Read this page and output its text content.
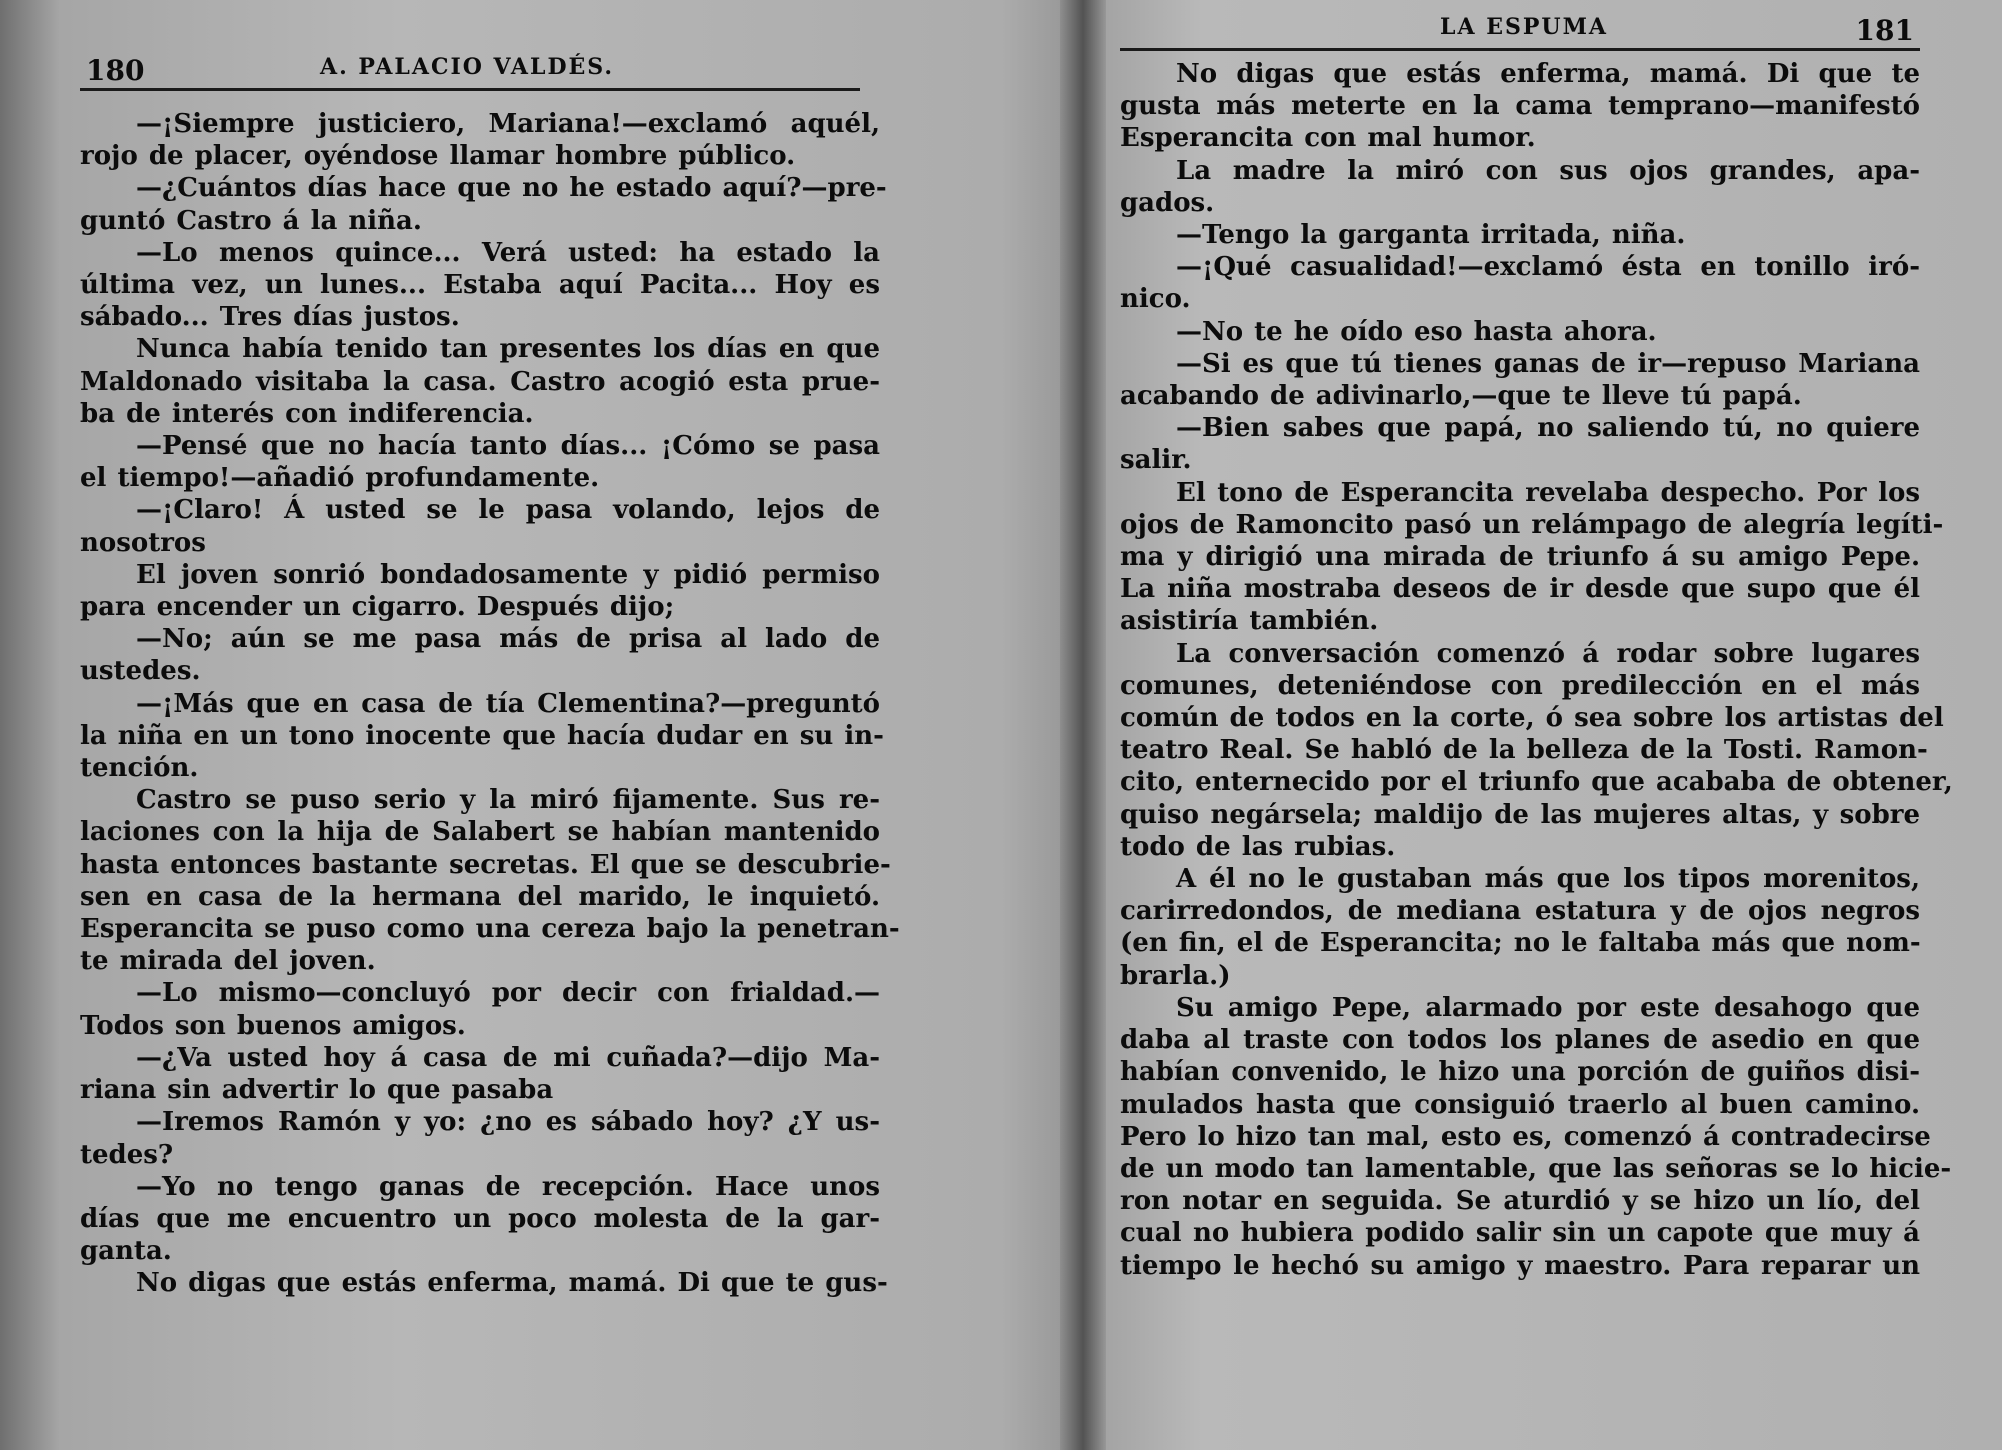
180	A. PALACIO VALDÉS.
—¡Siempre justiciero, Mariana!—exclamó aquél,
rojo de placer, oyéndose llamar hombre público.
—¿Cuántos días hace que no he estado aquí?—pre-
guntó Castro á la niña.
—Lo menos quince... Verá usted: ha estado la
última vez, un lunes... Estaba aquí Pacita... Hoy es
sábado... Tres días justos.
Nunca había tenido tan presentes los días en que
Maldonado visitaba la casa. Castro acogió esta prue-
ba de interés con indiferencia.
—Pensé que no hacía tanto días... ¡Cómo se pasa
el tiempo!—añadió profundamente.
—¡Claro! Á usted se le pasa volando, lejos de
nosotros
El joven sonrió bondadosamente y pidió permiso
para encender un cigarro. Después dijo;
—No; aún se me pasa más de prisa al lado de
ustedes.
—¡Más que en casa de tía Clementina?—preguntó
la niña en un tono inocente que hacía dudar en su in-
tención.
Castro se puso serio y la miró fijamente. Sus re-
laciones con la hija de Salabert se habían mantenido
hasta entonces bastante secretas. El que se descubrie-
sen en casa de la hermana del marido, le inquietó.
Esperancita se puso como una cereza bajo la penetran-
te mirada del joven.
—Lo mismo—concluyó por decir con frialdad.—
Todos son buenos amigos.
—¿Va usted hoy á casa de mi cuñada?—dijo Ma-
riana sin advertir lo que pasaba
—Iremos Ramón y yo: ¿no es sábado hoy? ¿Y us-
tedes?
—Yo no tengo ganas de recepción. Hace unos
días que me encuentro un poco molesta de la gar-
ganta.
No digas que estás enferma, mamá. Di que te gus-
LA ESPUMA	181
No digas que estás enferma, mamá. Di que te
gusta más meterte en la cama temprano—manifestó
Esperancita con mal humor.
La madre la miró con sus ojos grandes, apa-
gados.
—Tengo la garganta irritada, niña.
—¡Qué casualidad!—exclamó ésta en tonillo iró-
nico.
—No te he oído eso hasta ahora.
—Si es que tú tienes ganas de ir—repuso Mariana
acabando de adivinarlo,—que te lleve tú papá.
—Bien sabes que papá, no saliendo tú, no quiere
salir.
El tono de Esperancita revelaba despecho. Por los
ojos de Ramoncito pasó un relámpago de alegría legíti-
ma y dirigió una mirada de triunfo á su amigo Pepe.
La niña mostraba deseos de ir desde que supo que él
asistiría también.
La conversación comenzó á rodar sobre lugares
comunes, deteniéndose con predilección en el más
común de todos en la corte, ó sea sobre los artistas del
teatro Real. Se habló de la belleza de la Tosti. Ramon-
cito, enternecido por el triunfo que acababa de obtener,
quiso negársela; maldijo de las mujeres altas, y sobre
todo de las rubias.
A él no le gustaban más que los tipos morenitos,
carirredondos, de mediana estatura y de ojos negros
(en fin, el de Esperancita; no le faltaba más que nom-
brarla.)
Su amigo Pepe, alarmado por este desahogo que
daba al traste con todos los planes de asedio en que
habían convenido, le hizo una porción de guiños disi-
mulados hasta que consiguió traerlo al buen camino.
Pero lo hizo tan mal, esto es, comenzó á contradecirse
de un modo tan lamentable, que las señoras se lo hicie-
ron notar en seguida. Se aturdió y se hizo un lío, del
cual no hubiera podido salir sin un capote que muy á
tiempo le hechó su amigo y maestro. Para reparar un
